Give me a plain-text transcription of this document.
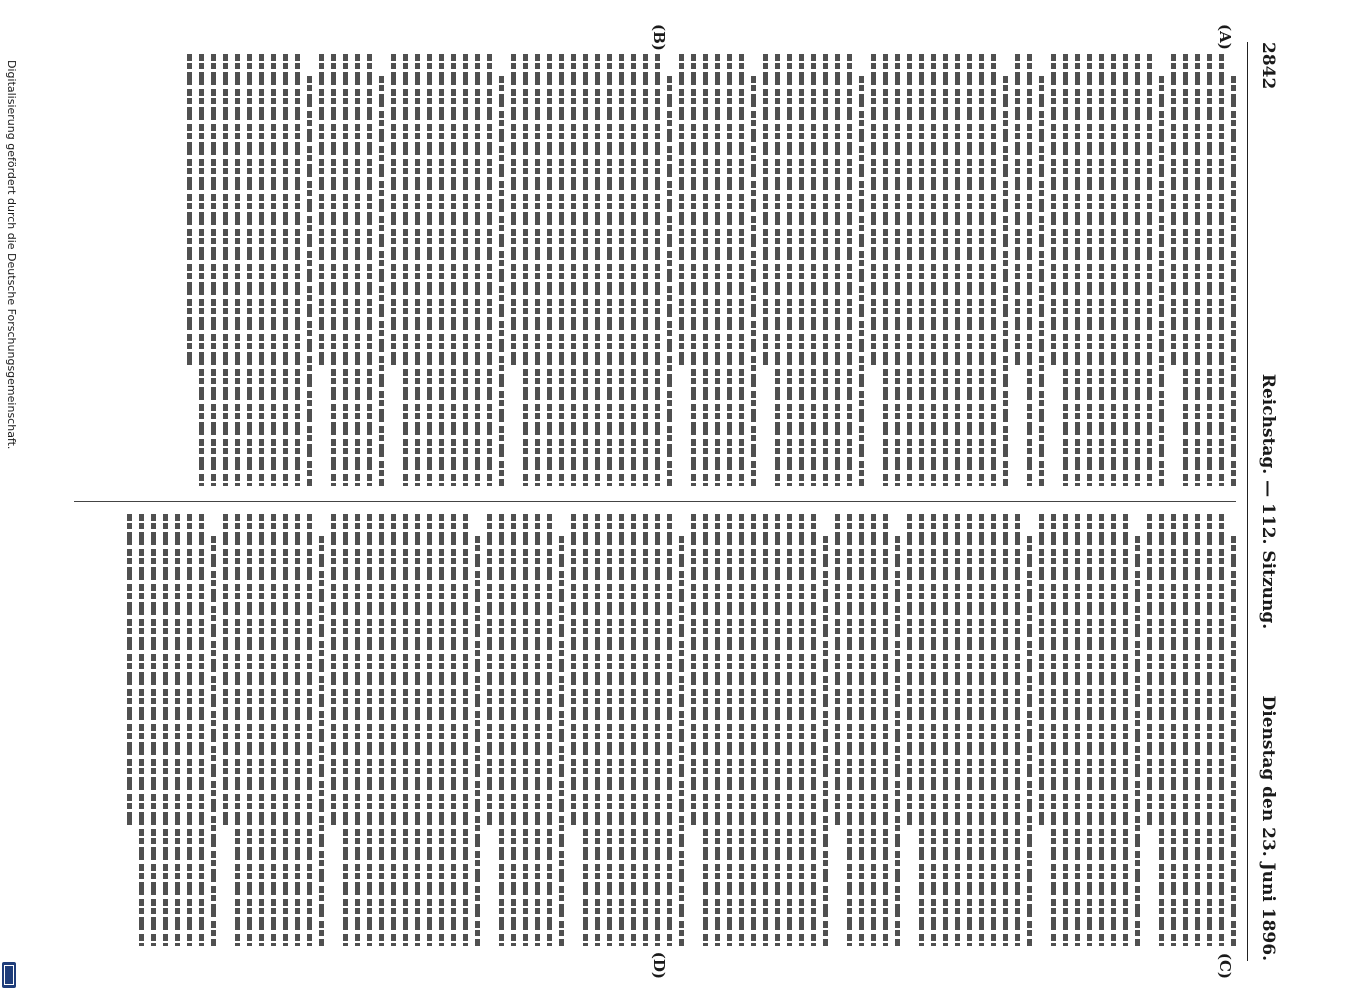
2842
Reichstag. — 112. Sitzung.
Dienstag den 23. Juni 1896.
(A)
(B)
(C)
(D)
Digitalisierung gefördert durch die Deutsche Forschungsgemeinschaft.
